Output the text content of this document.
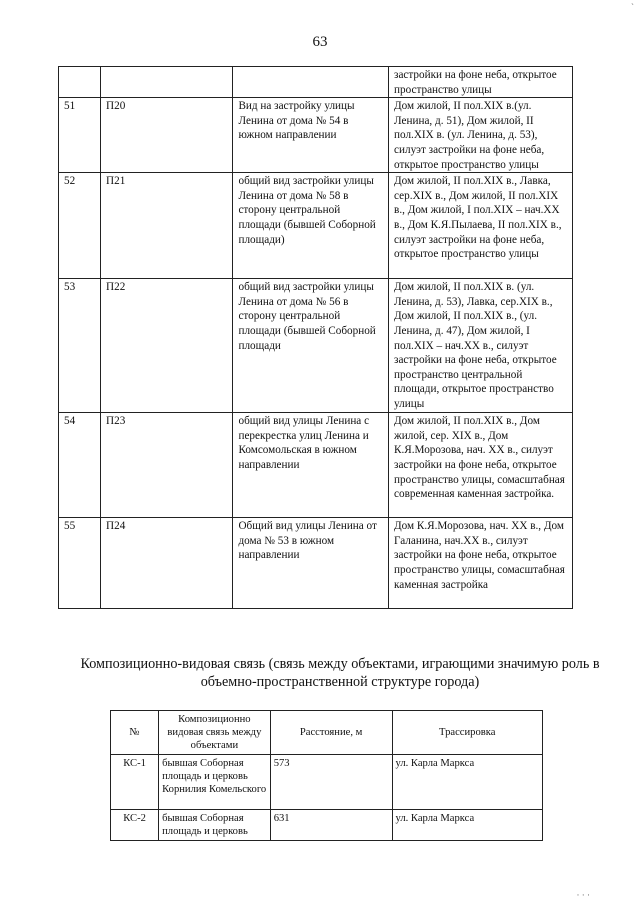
63
			застройки на фоне неба, открытое пространство улицы
51	П20	Вид на застройку улицы Ленина от дома № 54 в южном направлении	Дом жилой, II пол.XIX в.(ул. Ленина, д. 51), Дом жилой, II пол.XIX в. (ул. Ленина, д. 53), силуэт застройки на фоне неба, открытое пространство улицы
52	П21	общий вид застройки улицы Ленина от дома № 58 в сторону центральной площади (бывшей Соборной площади)	Дом жилой, II пол.XIX в., Лавка, сер.XIX в., Дом жилой, II пол.XIX в., Дом жилой, I пол.XIX – нач.XX в., Дом К.Я.Пылаева, II пол.XIX в., силуэт застройки на фоне неба, открытое пространство улицы
53	П22	общий вид застройки улицы Ленина от дома № 56 в сторону центральной площади (бывшей Соборной площади	Дом жилой, II пол.XIX в. (ул. Ленина, д. 53), Лавка, сер.XIX в., Дом жилой, II пол.XIX в., (ул. Ленина, д. 47), Дом жилой, I пол.XIX – нач.XX в., силуэт застройки на фоне неба, открытое пространство центральной площади, открытое пространство улицы
54	П23	общий вид улицы Ленина с перекрестка улиц Ленина и Комсомольская в южном направлении	Дом жилой, II пол.XIX в., Дом жилой, сер. XIX в., Дом К.Я.Морозова, нач. XX в., силуэт застройки на фоне неба, открытое пространство улицы, сомасштабная современная каменная застройка.
55	П24	Общий вид улицы Ленина от дома № 53 в южном направлении	Дом К.Я.Морозова, нач. XX в., Дом Галанина, нач.XX в., силуэт застройки на фоне неба, открытое пространство улицы, сомасштабная каменная застройка
Композиционно-видовая связь (связь между объектами, играющими значимую роль в объемно-пространственной структуре города)
№	Композиционно видовая связь между объектами	Расстояние, м	Трассировка
КС-1	бывшая Соборная площадь и церковь Корнилия Комельского	573	ул. Карла Маркса
КС-2	бывшая Соборная площадь и церковь	631	ул. Карла Маркса
`
· · ·
